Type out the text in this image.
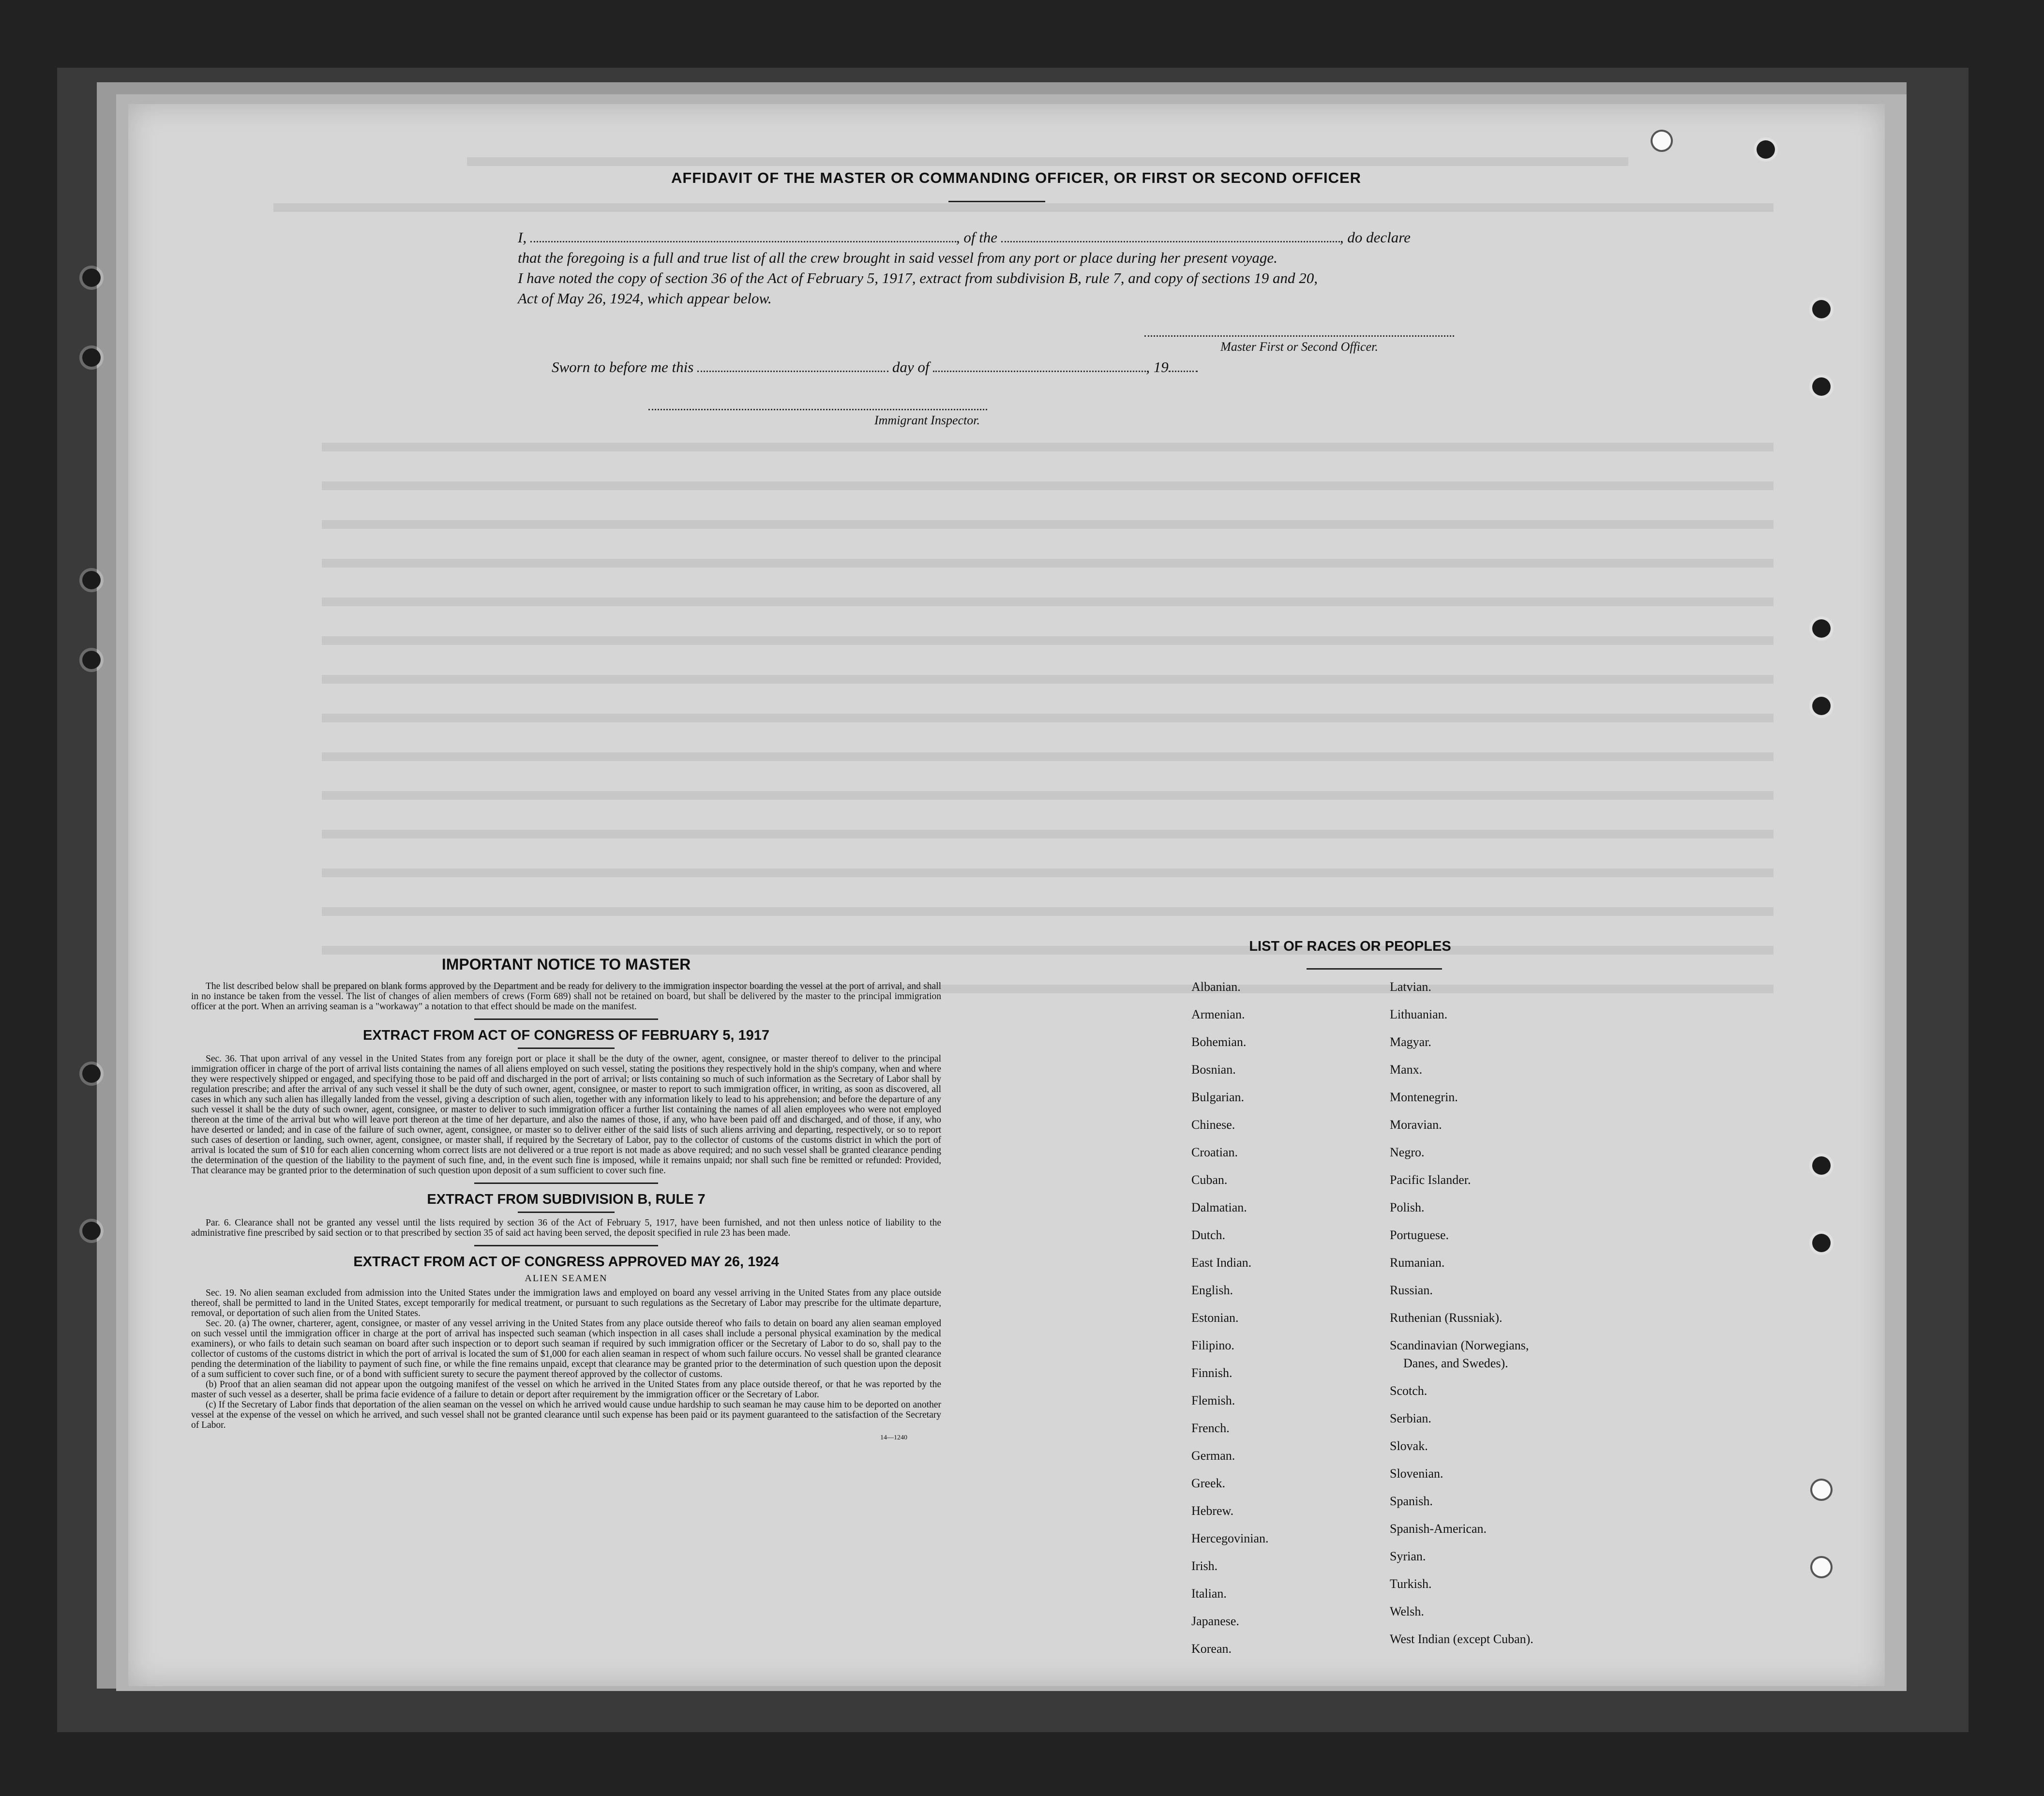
AFFIDAVIT OF THE MASTER OR COMMANDING OFFICER, OR FIRST OR SECOND OFFICER
I,	, of the	, do declare
that the foregoing is a full and true list of all the crew brought in said vessel from any port or place during her present voyage.
I have noted the copy of section 36 of the Act of February 5, 1917, extract from subdivision B, rule 7, and copy of sections 19 and 20,
Act of May 26, 1924, which appear below.
Master First or Second Officer.
Sworn to before me this	day of	, 19
Immigrant Inspector.
IMPORTANT NOTICE TO MASTER

The list described below shall be prepared on blank forms approved by the Department and be ready for delivery to the immigration inspector boarding the vessel at the port of arrival, and shall in no instance be taken from the vessel. The list of changes of alien members of crews (Form 689) shall not be retained on board, but shall be delivered by the master to the principal immigration officer at the port. When an arriving seaman is a "workaway" a notation to that effect should be made on the manifest.

EXTRACT FROM ACT OF CONGRESS OF FEBRUARY 5, 1917

Sec. 36. That upon arrival of any vessel in the United States from any foreign port or place it shall be the duty of the owner, agent, consignee, or master thereof to deliver to the principal immigration officer in charge of the port of arrival lists containing the names of all aliens employed on such vessel, stating the positions they respectively hold in the ship's company, when and where they were respectively shipped or engaged, and specifying those to be paid off and discharged in the port of arrival; or lists containing so much of such information as the Secretary of Labor shall by regulation prescribe; and after the arrival of any such vessel it shall be the duty of such owner, agent, consignee, or master to report to such immigration officer, in writing, as soon as discovered, all cases in which any such alien has illegally landed from the vessel, giving a description of such alien, together with any information likely to lead to his apprehension; and before the departure of any such vessel it shall be the duty of such owner, agent, consignee, or master to deliver to such immigration officer a further list containing the names of all alien employees who were not employed thereon at the time of the arrival but who will leave port thereon at the time of her departure, and also the names of those, if any, who have been paid off and discharged, and of those, if any, who have deserted or landed; and in case of the failure of such owner, agent, consignee, or master so to deliver either of the said lists of such aliens arriving and departing, respectively, or so to report such cases of desertion or landing, such owner, agent, consignee, or master shall, if required by the Secretary of Labor, pay to the collector of customs of the customs district in which the port of arrival is located the sum of $10 for each alien concerning whom correct lists are not delivered or a true report is not made as above required; and no such vessel shall be granted clearance pending the determination of the question of the liability to the payment of such fine, and, in the event such fine is imposed, while it remains unpaid; nor shall such fine be remitted or refunded: Provided, That clearance may be granted prior to the determination of such question upon deposit of a sum sufficient to cover such fine.

EXTRACT FROM SUBDIVISION B, RULE 7

Par. 6. Clearance shall not be granted any vessel until the lists required by section 36 of the Act of February 5, 1917, have been furnished, and not then unless notice of liability to the administrative fine prescribed by said section or to that prescribed by section 35 of said act having been served, the deposit specified in rule 23 has been made.

EXTRACT FROM ACT OF CONGRESS APPROVED MAY 26, 1924
ALIEN SEAMEN

Sec. 19. No alien seaman excluded from admission into the United States under the immigration laws and employed on board any vessel arriving in the United States from any place outside thereof, shall be permitted to land in the United States, except temporarily for medical treatment, or pursuant to such regulations as the Secretary of Labor may prescribe for the ultimate departure, removal, or deportation of such alien from the United States.

Sec. 20. (a) The owner, charterer, agent, consignee, or master of any vessel arriving in the United States from any place outside thereof who fails to detain on board any alien seaman employed on such vessel until the immigration officer in charge at the port of arrival has inspected such seaman (which inspection in all cases shall include a personal physical examination by the medical examiners), or who fails to detain such seaman on board after such inspection or to deport such seaman if required by such immigration officer or the Secretary of Labor to do so, shall pay to the collector of customs of the customs district in which the port of arrival is located the sum of $1,000 for each alien seaman in respect of whom such failure occurs. No vessel shall be granted clearance pending the determination of the liability to payment of such fine, or while the fine remains unpaid, except that clearance may be granted prior to the determination of such question upon the deposit of a sum sufficient to cover such fine, or of a bond with sufficient surety to secure the payment thereof approved by the collector of customs.

(b) Proof that an alien seaman did not appear upon the outgoing manifest of the vessel on which he arrived in the United States from any place outside thereof, or that he was reported by the master of such vessel as a deserter, shall be prima facie evidence of a failure to detain or deport after requirement by the immigration officer or the Secretary of Labor.

(c) If the Secretary of Labor finds that deportation of the alien seaman on the vessel on which he arrived would cause undue hardship to such seaman he may cause him to be deported on another vessel at the expense of the vessel on which he arrived, and such vessel shall not be granted clearance until such expense has been paid or its payment guaranteed to the satisfaction of the Secretary of Labor.

14—1240
LIST OF RACES OR PEOPLES
Albanian.
Armenian.
Bohemian.
Bosnian.
Bulgarian.
Chinese.
Croatian.
Cuban.
Dalmatian.
Dutch.
East Indian.
English.
Estonian.
Filipino.
Finnish.
Flemish.
French.
German.
Greek.
Hebrew.
Hercegovinian.
Irish.
Italian.
Japanese.
Korean.
Latvian.
Lithuanian.
Magyar.
Manx.
Montenegrin.
Moravian.
Negro.
Pacific Islander.
Polish.
Portuguese.
Rumanian.
Russian.
Ruthenian (Russniak).
Scandinavian (Norwegians,
Danes, and Swedes).
Scotch.
Serbian.
Slovak.
Slovenian.
Spanish.
Spanish-American.
Syrian.
Turkish.
Welsh.
West Indian (except Cuban).
